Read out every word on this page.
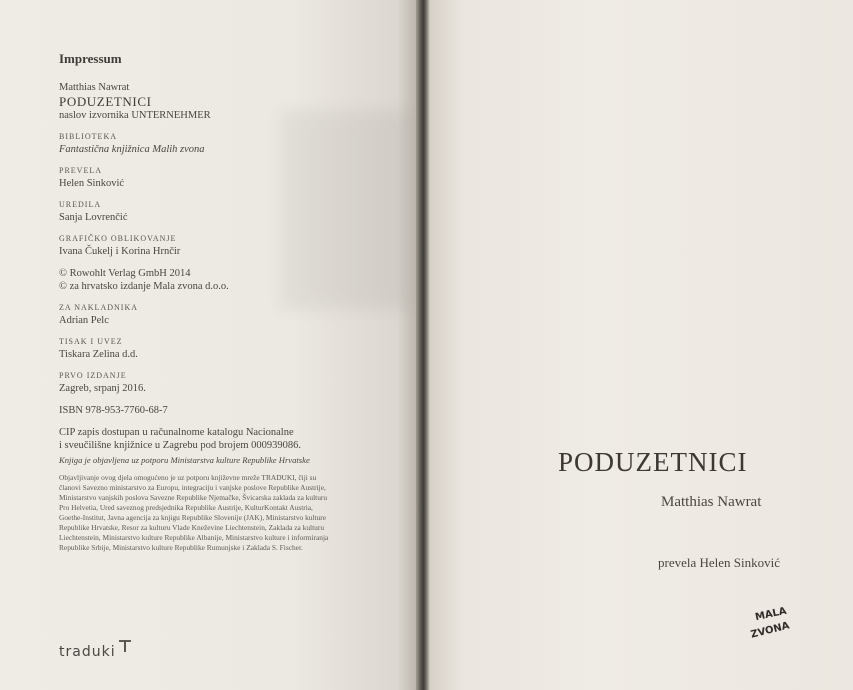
Impressum
Matthias Nawrat
PODUZETNICI
naslov izvornika UNTERNEHMER
BIBLIOTEKA
Fantastična knjižnica Malih zvona
PREVELA
Helen Sinković
UREDILA
Sanja Lovrenčić
GRAFIČKO OBLIKOVANJE
Ivana Čukelj i Korina Hrnčir
© Rowohlt Verlag GmbH 2014
© za hrvatsko izdanje Mala zvona d.o.o.
ZA NAKLADNIKA
Adrian Pelc
TISAK I UVEZ
Tiskara Zelina d.d.
PRVO IZDANJE
Zagreb, srpanj 2016.
ISBN 978-953-7760-68-7
CIP zapis dostupan u računalnome katalogu Nacionalne
i sveučilišne knjižnice u Zagrebu pod brojem 000939086.
Knjiga je objavljena uz potporu Ministarstva kulture Republike Hrvatske
Objavljivanje ovog djela omogućeno je uz potporu književne mreže TRADUKI, čiji su
članovi Savezno ministarstvo za Europu, integraciju i vanjske poslove Republike Austrije,
Ministarstvo vanjskih poslova Savezne Republike Njemačke, Švicarska zaklada za kulturu
Pro Helvetia, Ured saveznog predsjednika Republike Austrije, KulturKontakt Austria,
Goethe-Institut, Javna agencija za knjigu Republike Slovenije (JAK), Ministarstvo kulture
Republike Hrvatske, Resor za kulturu Vlade Kneževine Liechtenstein, Zaklada za kulturu
Liechtenstein, Ministarstvo kulture Republike Albanije, Ministarstvo kulture i informiranja
Republike Srbije, Ministarstvo kulture Republike Rumunjske i Zaklada S. Fischer.
traduki
PODUZETNICI
Matthias Nawrat
prevela Helen Sinković
MALA
ZVONA
